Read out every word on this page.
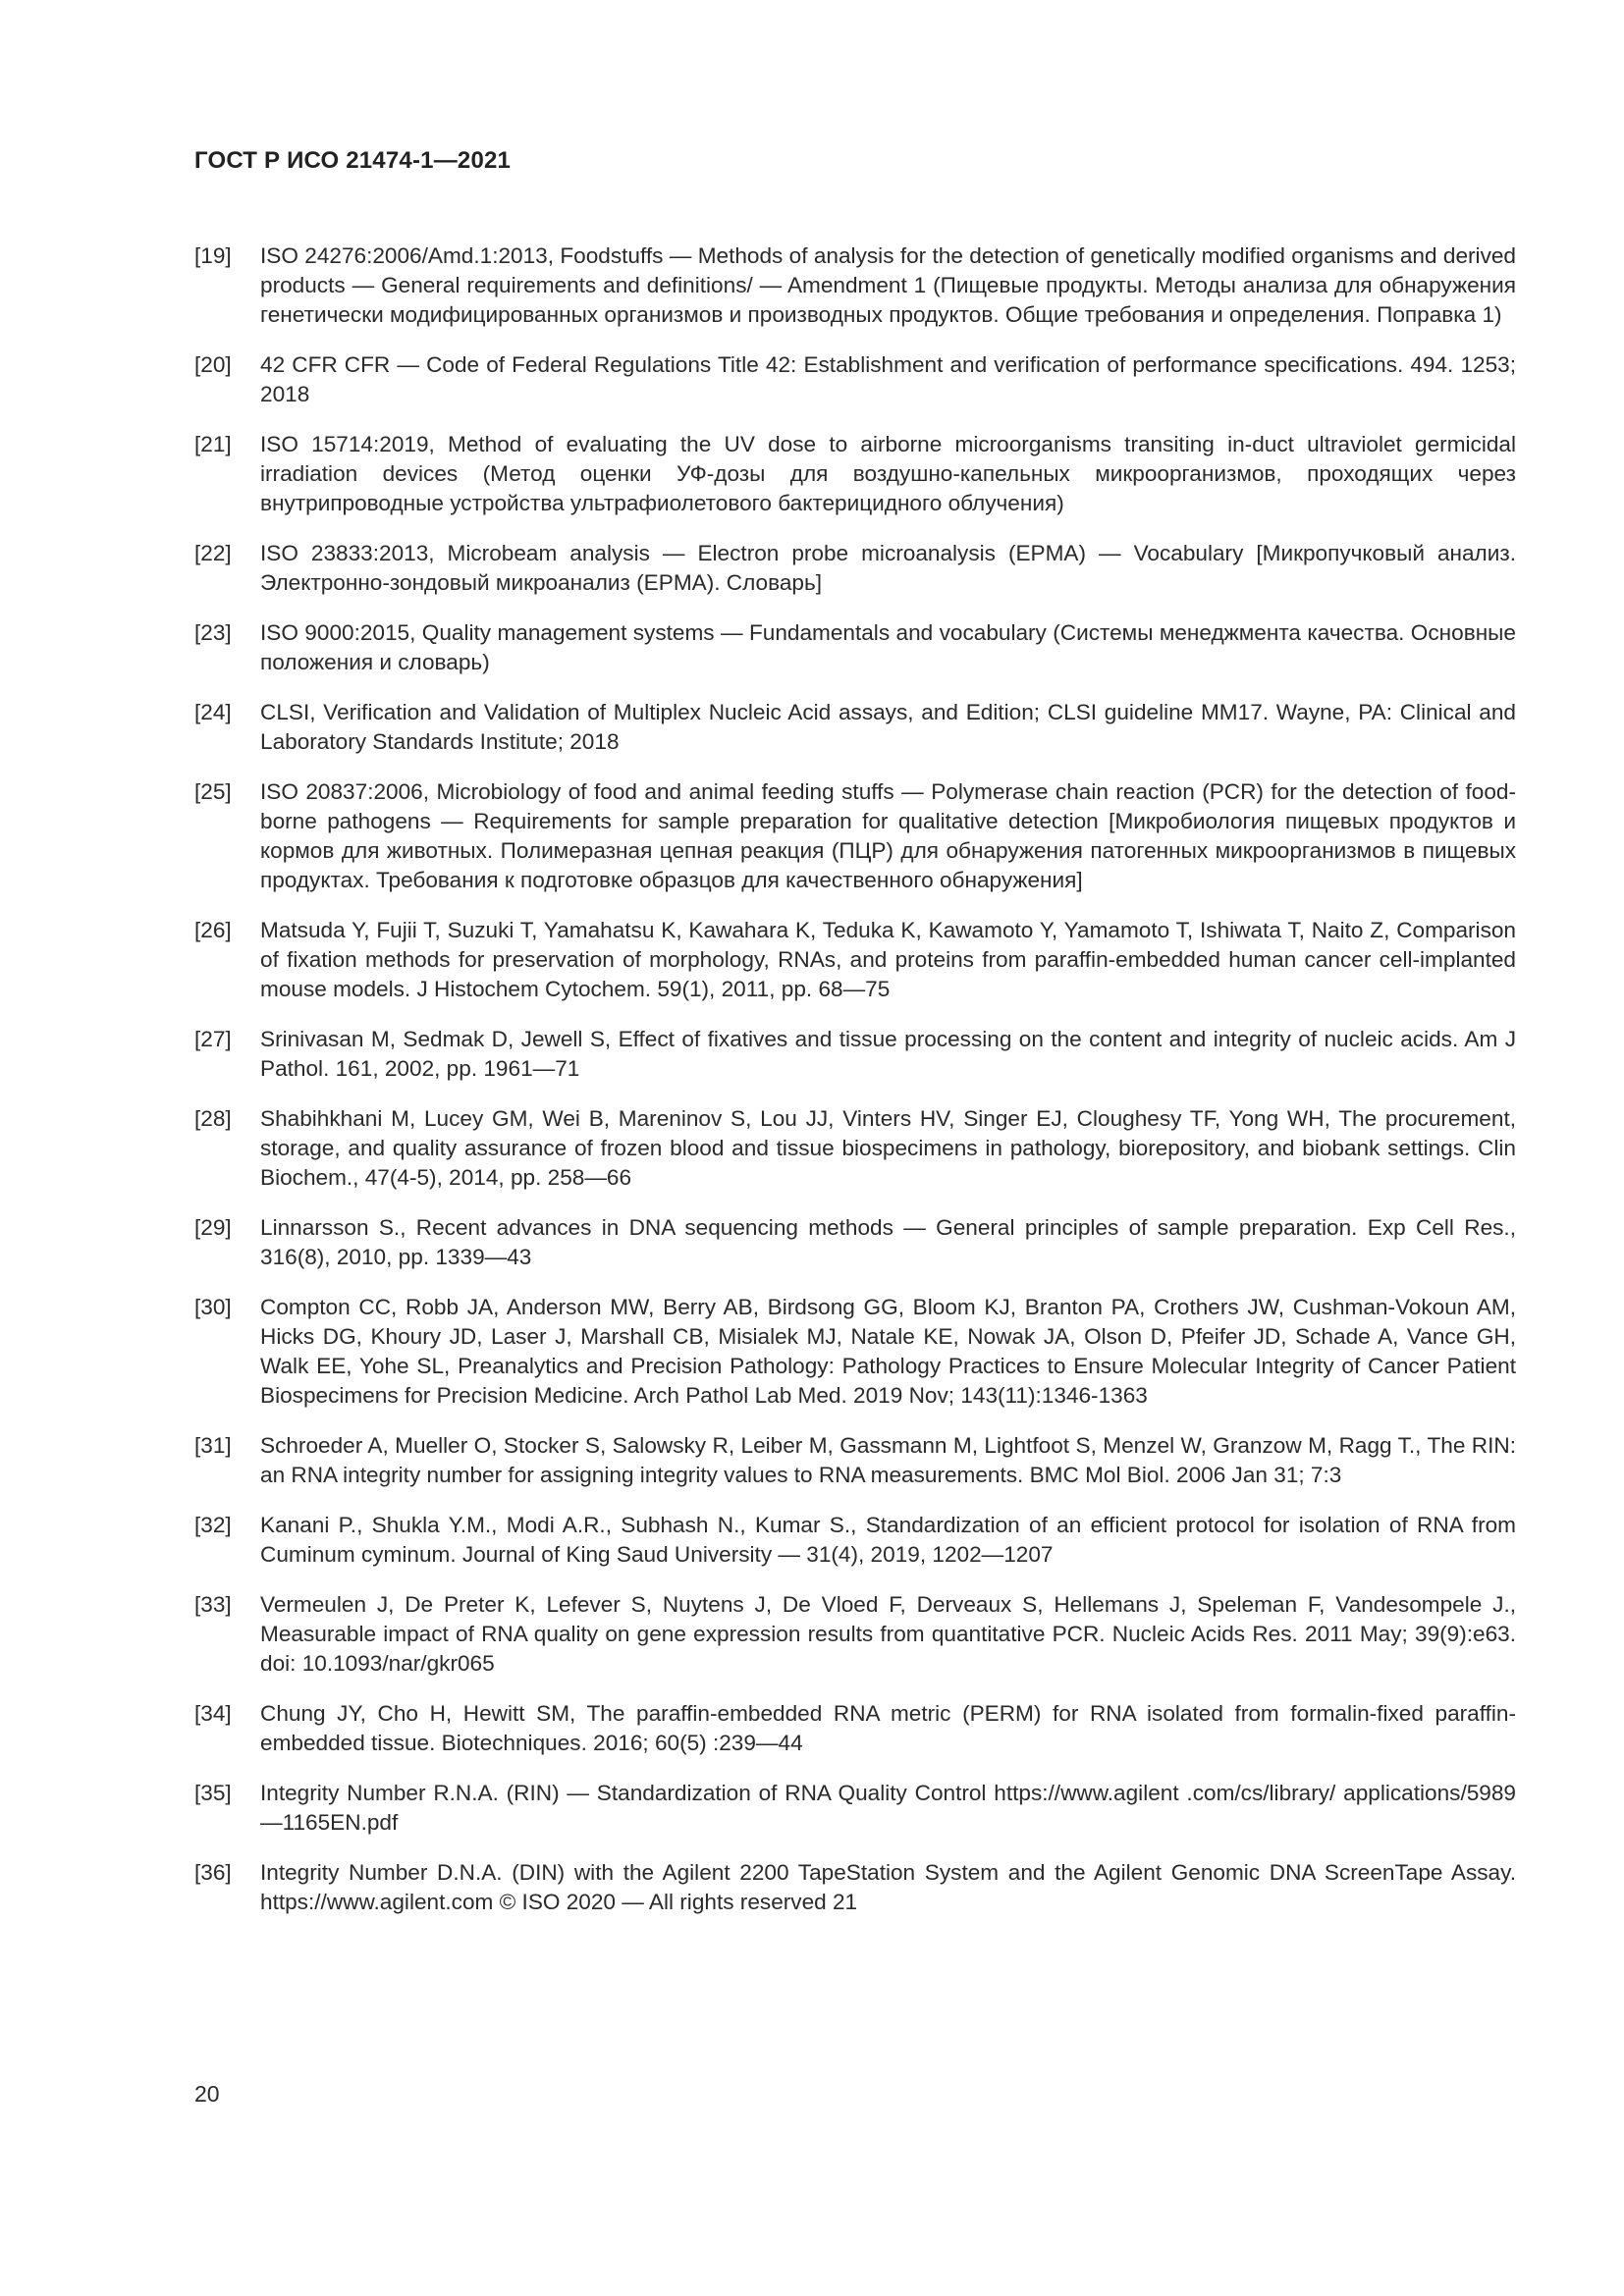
ГОСТ Р ИСО 21474-1—2021
[19]	ISO 24276:2006/Amd.1:2013, Foodstuffs — Methods of analysis for the detection of genetically modified organisms and derived products — General requirements and definitions/ — Amendment 1 (Пищевые продукты. Методы анализа для обнаружения генетически модифицированных организмов и производных продуктов. Общие требования и определения. Поправка 1)
[20]	42 CFR CFR — Code of Federal Regulations Title 42: Establishment and verification of performance specifications. 494. 1253; 2018
[21]	ISO 15714:2019, Method of evaluating the UV dose to airborne microorganisms transiting in-duct ultraviolet germicidal irradiation devices (Метод оценки УФ-дозы для воздушно-капельных микроорганизмов, проходящих через внутрипроводные устройства ультрафиолетового бактерицидного облучения)
[22]	ISO 23833:2013, Microbeam analysis — Electron probe microanalysis (EPMA) — Vocabulary [Микропучковый анализ. Электронно-зондовый микроанализ (EPMA). Словарь]
[23]	ISO 9000:2015, Quality management systems — Fundamentals and vocabulary (Системы менеджмента качества. Основные положения и словарь)
[24]	CLSI, Verification and Validation of Multiplex Nucleic Acid assays, and Edition; CLSI guideline MM17. Wayne, PA: Clinical and Laboratory Standards Institute; 2018
[25]	ISO 20837:2006, Microbiology of food and animal feeding stuffs — Polymerase chain reaction (PCR) for the detection of food-borne pathogens — Requirements for sample preparation for qualitative detection [Микробиология пищевых продуктов и кормов для животных. Полимеразная цепная реакция (ПЦР) для обнаружения патогенных микроорганизмов в пищевых продуктах. Требования к подготовке образцов для качественного обнаружения]
[26]	Matsuda Y, Fujii T, Suzuki T, Yamahatsu K, Kawahara K, Teduka K, Kawamoto Y, Yamamoto T, Ishiwata T, Naito Z, Comparison of fixation methods for preservation of morphology, RNAs, and proteins from paraffin-embedded human cancer cell-implanted mouse models. J Histochem Cytochem. 59(1), 2011, pp. 68—75
[27]	Srinivasan M, Sedmak D, Jewell S, Effect of fixatives and tissue processing on the content and integrity of nucleic acids. Am J Pathol. 161, 2002, pp. 1961—71
[28]	Shabihkhani M, Lucey GM, Wei B, Mareninov S, Lou JJ, Vinters HV, Singer EJ, Cloughesy TF, Yong WH, The procurement, storage, and quality assurance of frozen blood and tissue biospecimens in pathology, biorepository, and biobank settings. Clin Biochem., 47(4-5), 2014, pp. 258—66
[29]	Linnarsson S., Recent advances in DNA sequencing methods — General principles of sample preparation. Exp Cell Res., 316(8), 2010, pp. 1339—43
[30]	Compton CC, Robb JA, Anderson MW, Berry AB, Birdsong GG, Bloom KJ, Branton PA, Crothers JW, Cushman-Vokoun AM, Hicks DG, Khoury JD, Laser J, Marshall CB, Misialek MJ, Natale KE, Nowak JA, Olson D, Pfeifer JD, Schade A, Vance GH, Walk EE, Yohe SL, Preanalytics and Precision Pathology: Pathology Practices to Ensure Molecular Integrity of Cancer Patient Biospecimens for Precision Medicine. Arch Pathol Lab Med. 2019 Nov; 143(11):1346-1363
[31]	Schroeder A, Mueller O, Stocker S, Salowsky R, Leiber M, Gassmann M, Lightfoot S, Menzel W, Granzow M, Ragg T., The RIN: an RNA integrity number for assigning integrity values to RNA measurements. BMC Mol Biol. 2006 Jan 31; 7:3
[32]	Kanani P., Shukla Y.M., Modi A.R., Subhash N., Kumar S., Standardization of an efficient protocol for isolation of RNA from Cuminum cyminum. Journal of King Saud University — 31(4), 2019, 1202—1207
[33]	Vermeulen J, De Preter K, Lefever S, Nuytens J, De Vloed F, Derveaux S, Hellemans J, Speleman F, Vandesompele J., Measurable impact of RNA quality on gene expression results from quantitative PCR. Nucleic Acids Res. 2011 May; 39(9):e63. doi: 10.1093/nar/gkr065
[34]	Chung JY, Cho H, Hewitt SM, The paraffin-embedded RNA metric (PERM) for RNA isolated from formalin-fixed paraffin-embedded tissue. Biotechniques. 2016; 60(5) :239—44
[35]	Integrity Number R.N.A. (RIN) — Standardization of RNA Quality Control https://www.agilent .com/cs/library/ applications/5989—1165EN.pdf
[36]	Integrity Number D.N.A. (DIN) with the Agilent 2200 TapeStation System and the Agilent Genomic DNA ScreenTape Assay. https://www.agilent.com © ISO 2020 — All rights reserved 21
20
